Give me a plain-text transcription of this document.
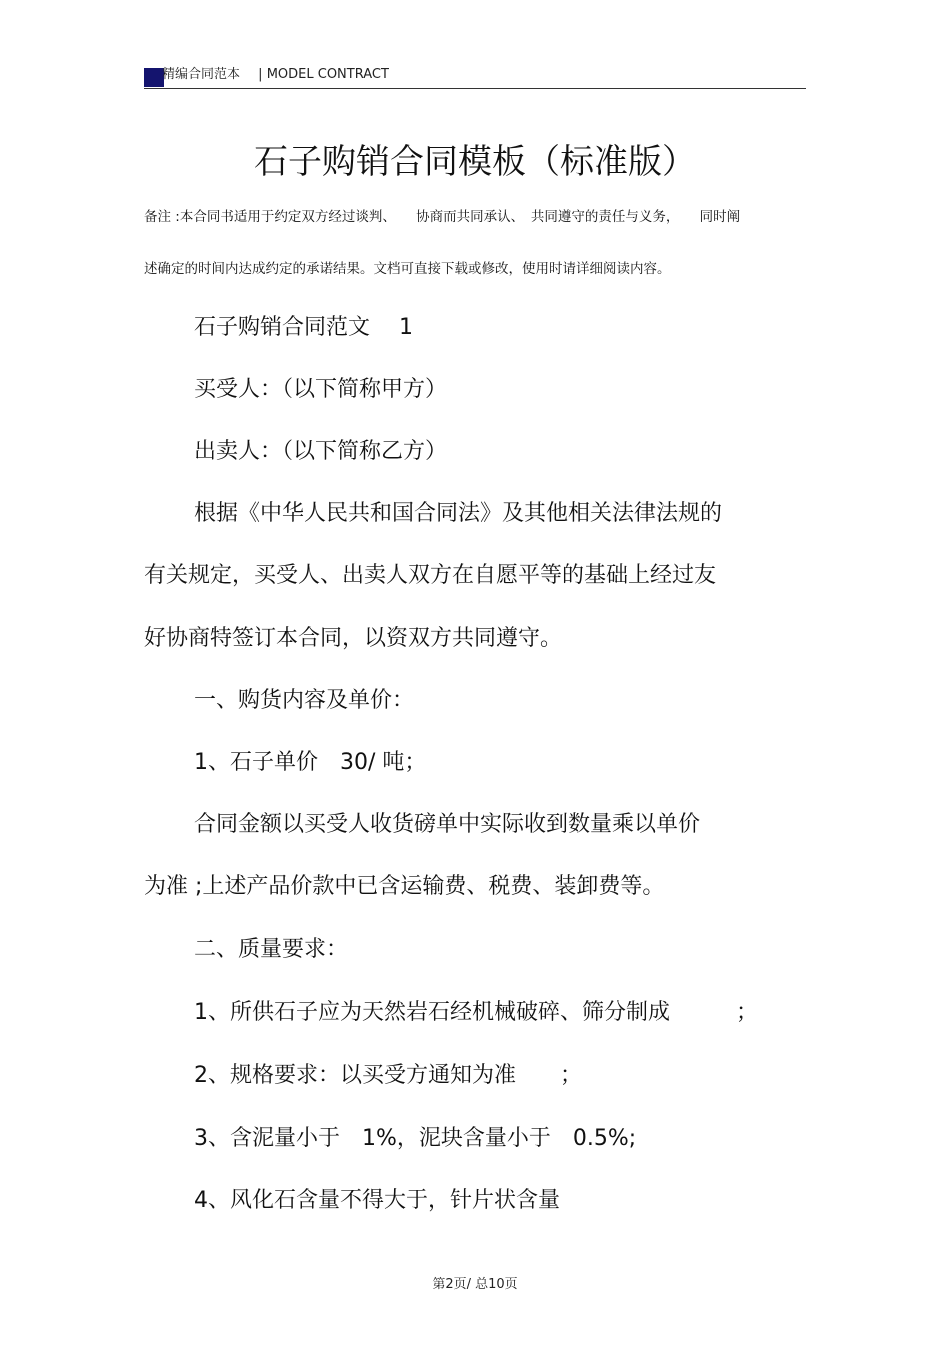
精编合同范本 | MODEL CONTRACT
石子购销合同模板（标准版）
备注 :本合同书适用于约定双方经过谈判、　　协商而共同承认、　共同遵守的责任与义务，　　同时阐
述确定的时间内达成约定的承诺结果。文档可直接下载或修改，使用时请详细阅读内容。
石子购销合同范文　 1
买受人：（以下简称甲方）
出卖人：（以下简称乙方）
根据《中华人民共和国合同法》及其他相关法律法规的
有关规定，买受人、出卖人双方在自愿平等的基础上经过友
好协商特签订本合同，以资双方共同遵守。
一、购货内容及单价：
1、石子单价　30/ 吨；
合同金额以买受人收货磅单中实际收到数量乘以单价
为准 ;上述产品价款中已含运输费、税费、装卸费等。
二、质量要求：
1、所供石子应为天然岩石经机械破碎、筛分制成　　　；
2、规格要求：以买受方通知为准　　；
3、含泥量小于　1%，泥块含量小于　0.5%;
4、风化石含量不得大于，针片状含量
第2页/ 总10页
